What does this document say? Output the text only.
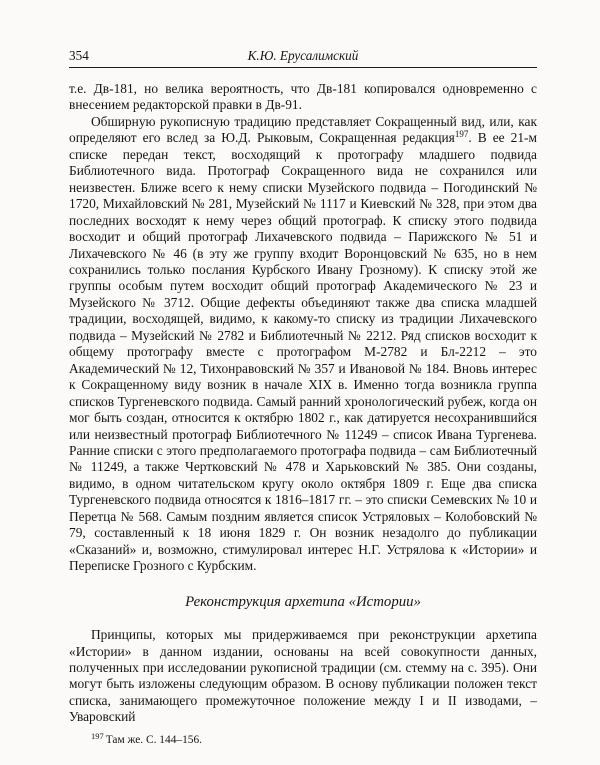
354	К.Ю. Ерусалимский

т.е. Дв-181, но велика вероятность, что Дв-181 копировался одновременно с внесением редакторской правки в Дв-91.

Обширную рукописную традицию представляет Сокращенный вид, или, как определяют его вслед за Ю.Д. Рыковым, Сокращенная редакция$^{197}$. В ее 21-м списке передан текст, восходящий к протографу младшего подвида Библиотечного вида. Протограф Сокращенного вида не сохранился или неизвестен. Ближе всего к нему списки Музейского подвида – Погодинский № 1720, Михайловский № 281, Музейский № 1117 и Киевский № 328, при этом два последних восходят к нему через общий протограф. К списку этого подвида восходит и общий протограф Лихачевского подвида – Парижского № 51 и Лихачевского № 46 (в эту же группу входит Воронцовский № 635, но в нем сохранились только послания Курбского Ивану Грозному). К списку этой же группы особым путем восходит общий протограф Академического № 23 и Музейского № 3712. Общие дефекты объединяют также два списка младшей традиции, восходящей, видимо, к какому-то списку из традиции Лихачевского подвида – Музейский № 2782 и Библиотечный № 2212. Ряд списков восходит к общему протографу вместе с протографом М-2782 и Бл-2212 – это Академический № 12, Тихонравовский № 357 и Ивановой № 184. Вновь интерес к Сокращенному виду возник в начале XIX в. Именно тогда возникла группа списков Тургеневского подвида. Самый ранний хронологический рубеж, когда он мог быть создан, относится к октябрю 1802 г., как датируется несохранившийся или неизвестный протограф Библиотечного № 11249 – список Ивана Тургенева. Ранние списки с этого предполагаемого протографа подвида – сам Библиотечный № 11249, а также Чертковский № 478 и Харьковский № 385. Они созданы, видимо, в одном читательском кругу около октября 1809 г. Еще два списка Тургеневского подвида относятся к 1816–1817 гг. – это списки Семевских № 10 и Перетца № 568. Самым поздним является список Устряловых – Колобовский № 79, составленный к 18 июня 1829 г. Он возник незадолго до публикации «Сказаний» и, возможно, стимулировал интерес Н.Г. Устрялова к «Истории» и Переписке Грозного с Курбским.

Реконструкция архетипа «Истории»

Принципы, которых мы придерживаемся при реконструкции архетипа «Истории» в данном издании, основаны на всей совокупности данных, полученных при исследовании рукописной традиции (см. стемму на с. 395). Они могут быть изложены следующим образом. В основу публикации положен текст списка, занимающего промежуточное положение между I и II изводами, – Уваровский

$^{197}$ Там же. С. 144–156.
